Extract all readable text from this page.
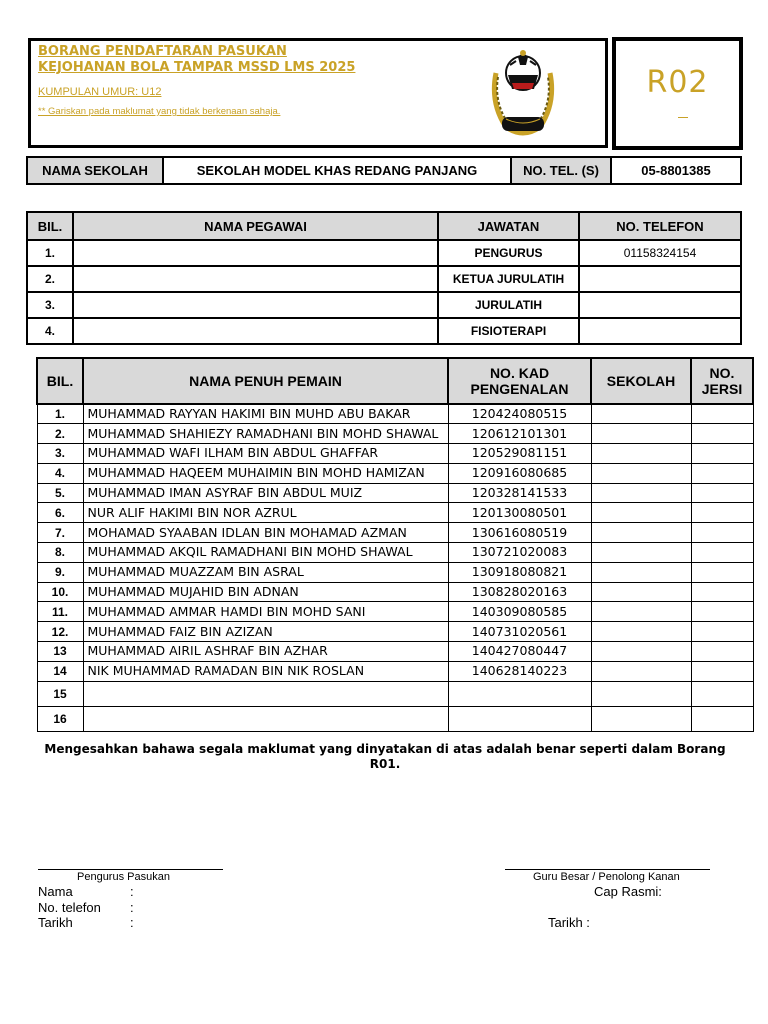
BORANG PENDAFTARAN PASUKAN
KEJOHANAN BOLA TAMPAR MSSD LMS 2025
KUMPULAN UMUR: U12
** Gariskan pada maklumat yang tidak berkenaan sahaja.
R02
NAMA SEKOLAH	SEKOLAH MODEL KHAS REDANG PANJANG	NO. TEL. (S)	05-8801385
BIL.	NAMA PEGAWAI	JAWATAN	NO. TELEFON
1.		PENGURUS	01158324154
2.		KETUA JURULATIH	
3.		JURULATIH	
4.		FISIOTERAPI	
BIL.	NAMA PENUH PEMAIN	NO. KAD PENGENALAN	SEKOLAH	NO. JERSI
1.	MUHAMMAD RAYYAN HAKIMI BIN MUHD ABU BAKAR	120424080515		
2.	MUHAMMAD SHAHIEZY RAMADHANI BIN MOHD SHAWAL	120612101301		
3.	MUHAMMAD WAFI ILHAM BIN ABDUL GHAFFAR	120529081151		
4.	MUHAMMAD HAQEEM MUHAIMIN BIN MOHD HAMIZAN	120916080685		
5.	MUHAMMAD IMAN ASYRAF BIN ABDUL MUIZ	120328141533		
6.	NUR ALIF HAKIMI BIN NOR AZRUL	120130080501		
7.	MOHAMAD SYAABAN IDLAN BIN MOHAMAD AZMAN	130616080519		
8.	MUHAMMAD AKQIL RAMADHANI BIN MOHD SHAWAL	130721020083		
9.	MUHAMMAD MUAZZAM BIN ASRAL	130918080821		
10.	MUHAMMAD MUJAHID BIN ADNAN	130828020163		
11.	MUHAMMAD AMMAR HAMDI BIN MOHD SANI	140309080585		
12.	MUHAMMAD FAIZ BIN AZIZAN	140731020561		
13	MUHAMMAD AIRIL ASHRAF BIN AZHAR	140427080447		
14	NIK MUHAMMAD RAMADAN BIN NIK ROSLAN	140628140223		
15				
16				
Mengesahkan bahawa segala maklumat yang dinyatakan di atas adalah benar seperti dalam Borang R01.
Pengurus Pasukan	Guru Besar / Penolong Kanan
Nama	:
No. telefon :
Tarikh	:
Cap Rasmi:
Tarikh :
